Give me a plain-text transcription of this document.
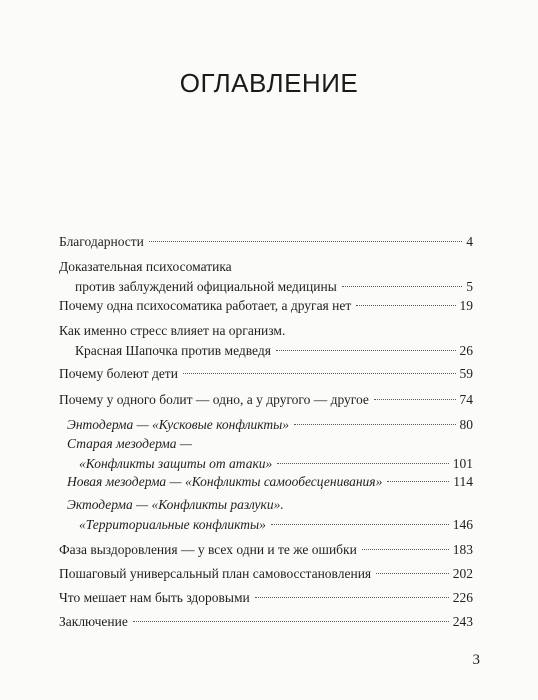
ОГЛАВЛЕНИЕ
Благодарности	4
Доказательная психосоматика
против заблуждений официальной медицины	5
Почему одна психосоматика работает, а другая нет	19
Как именно стресс влияет на организм.
Красная Шапочка против медведя	26
Почему болеют дети	59
Почему у одного болит — одно, а у другого — другое	74
Энтодерма — «Кусковые конфликты»	80
Старая мезодерма —
«Конфликты защиты от атаки»	101
Новая мезодерма — «Конфликты самообесценивания»	114
Эктодерма — «Конфликты разлуки».
«Территориальные конфликты»	146
Фаза выздоровления — у всех одни и те же ошибки	183
Пошаговый универсальный план самовосстановления	202
Что мешает нам быть здоровыми	226
Заключение	243
3
